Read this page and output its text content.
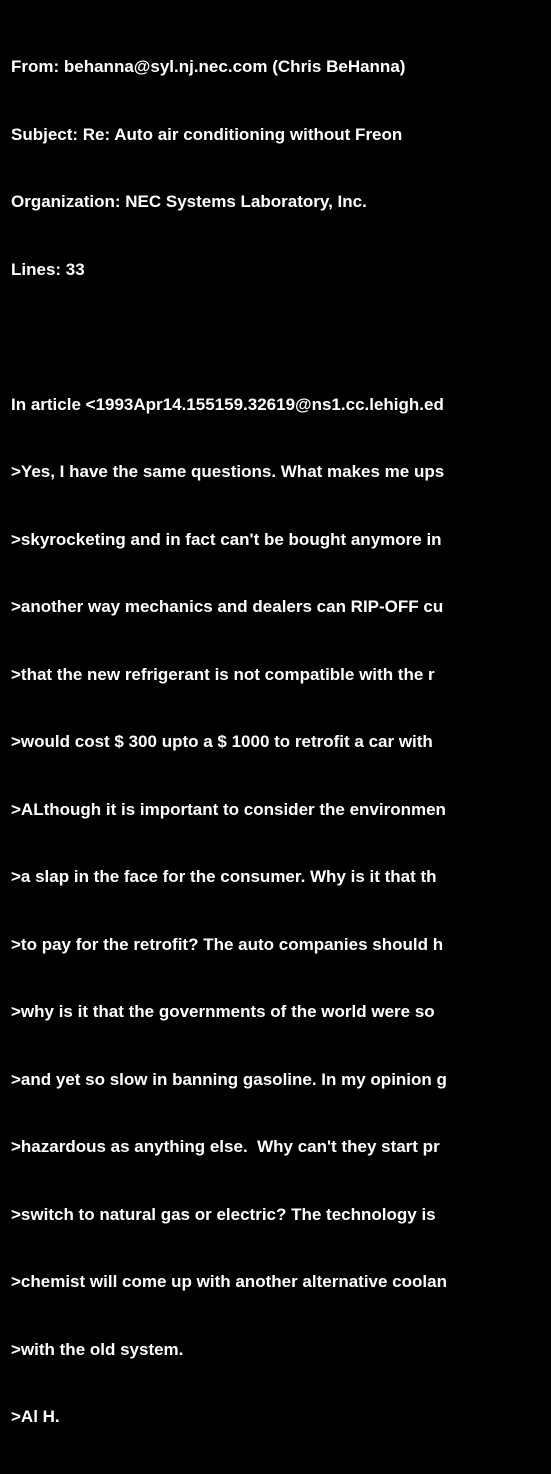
From: behanna@syl.nj.nec.com (Chris BeHanna)

Subject: Re: Auto air conditioning without Freon

Organization: NEC Systems Laboratory, Inc.

Lines: 33

In article <1993Apr14.155159.32619@ns1.cc.lehigh.ed

>Yes, I have the same questions. What makes me ups

>skyrocketing and in fact can't be bought anymore in

>another way mechanics and dealers can RIP-OFF cu

>that the new refrigerant is not compatible with the r

>would cost $ 300 upto a $ 1000 to retrofit a car with

>ALthough it is important to consider the environmen

>a slap in the face for the consumer. Why is it that th

>to pay for the retrofit? The auto companies should h

>why is it that the governments of the world were so

>and yet so slow in banning gasoline. In my opinion g

>hazardous as anything else.  Why can't they start pr

>switch to natural gas or electric? The technology is

>chemist will come up with another alternative coolan

>with the old system.

>Al H.
